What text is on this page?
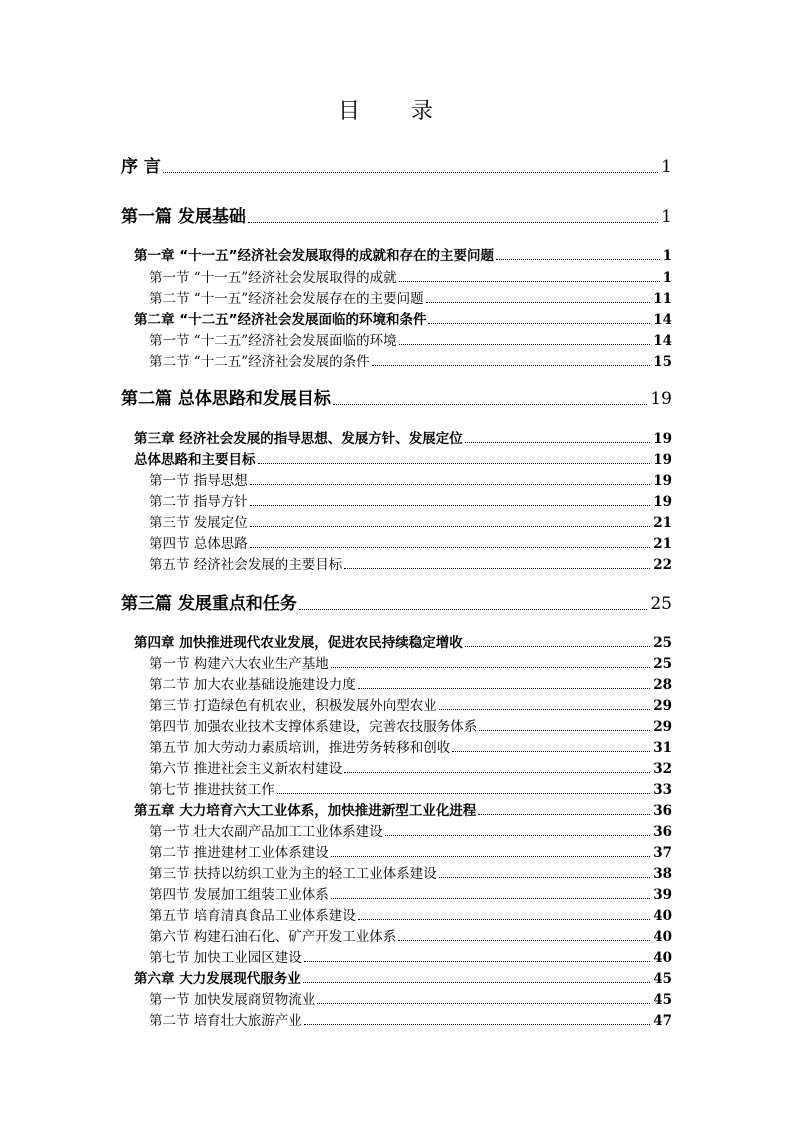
目 录
序 言	1
第一篇 发展基础	1
第一章 “十一五”经济社会发展取得的成就和存在的主要问题	1
第一节 “十一五”经济社会发展取得的成就	1
第二节 “十一五”经济社会发展存在的主要问题	11
第二章 “十二五”经济社会发展面临的环境和条件	14
第一节 “十二五”经济社会发展面临的环境	14
第二节 “十二五”经济社会发展的条件	15
第二篇 总体思路和发展目标	19
第三章 经济社会发展的指导思想、发展方针、发展定位	19
总体思路和主要目标	19
第一节 指导思想	19
第二节 指导方针	19
第三节 发展定位	21
第四节 总体思路	21
第五节 经济社会发展的主要目标	22
第三篇 发展重点和任务	25
第四章 加快推进现代农业发展，促进农民持续稳定增收	25
第一节 构建六大农业生产基地	25
第二节 加大农业基础设施建设力度	28
第三节 打造绿色有机农业，积极发展外向型农业	29
第四节 加强农业技术支撑体系建设，完善农技服务体系	29
第五节 加大劳动力素质培训，推进劳务转移和创收	31
第六节 推进社会主义新农村建设	32
第七节 推进扶贫工作	33
第五章 大力培育六大工业体系，加快推进新型工业化进程	36
第一节 壮大农副产品加工工业体系建设	36
第二节 推进建材工业体系建设	37
第三节 扶持以纺织工业为主的轻工工业体系建设	38
第四节 发展加工组装工业体系	39
第五节 培育清真食品工业体系建设	40
第六节 构建石油石化、矿产开发工业体系	40
第七节 加快工业园区建设	40
第六章 大力发展现代服务业	45
第一节 加快发展商贸物流业	45
第二节 培育壮大旅游产业	47
